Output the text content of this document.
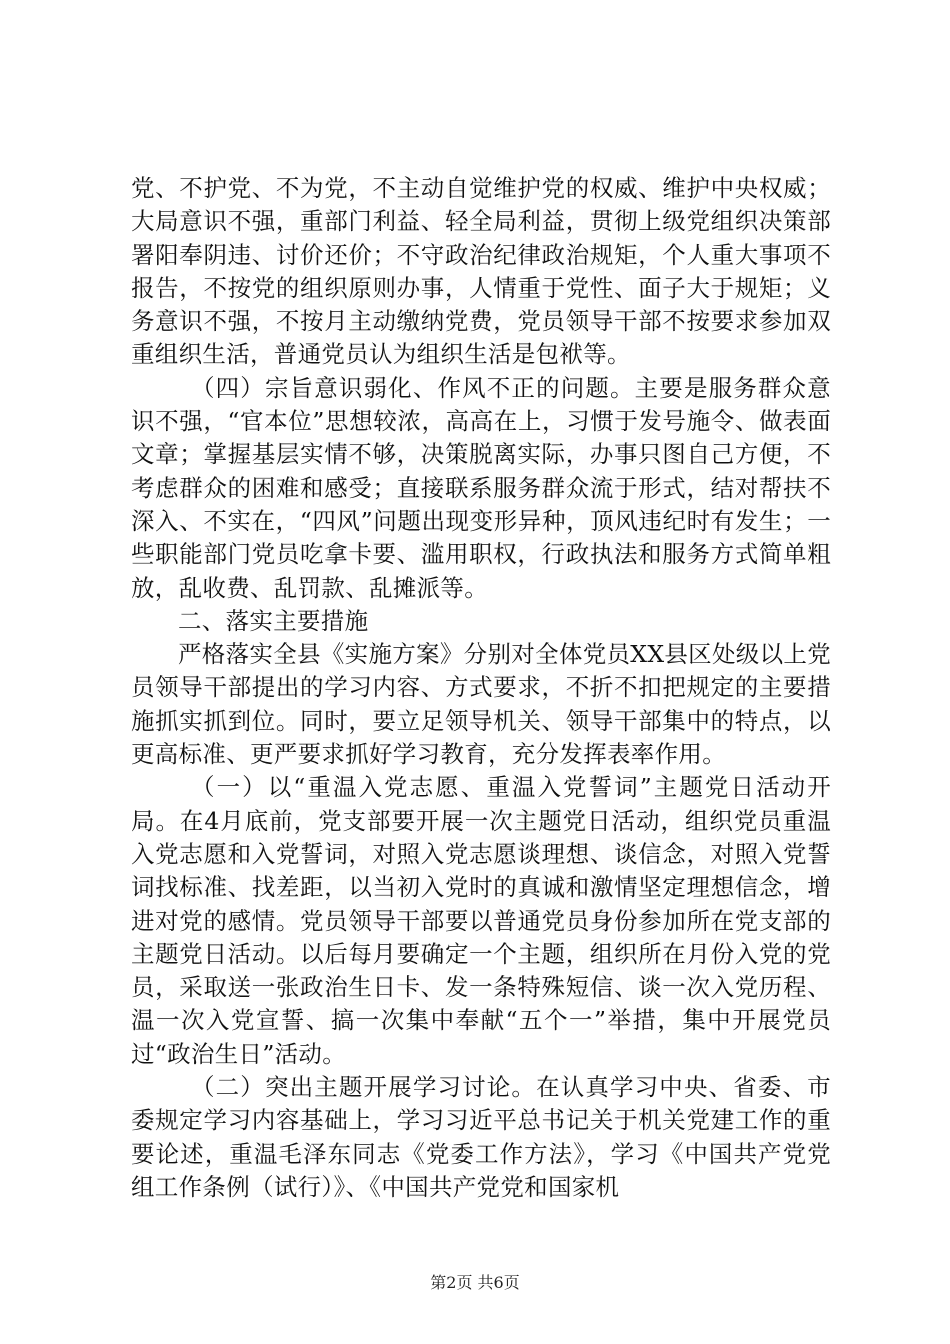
党、不护党、不为党，不主动自觉维护党的权威、维护中央权威；大局意识不强，重部门利益、轻全局利益，贯彻上级党组织决策部署阳奉阴违、讨价还价；不守政治纪律政治规矩，个人重大事项不报告，不按党的组织原则办事，人情重于党性、面子大于规矩；义务意识不强，不按月主动缴纳党费，党员领导干部不按要求参加双重组织生活，普通党员认为组织生活是包袱等。

（四）宗旨意识弱化、作风不正的问题。主要是服务群众意识不强，“官本位”思想较浓，高高在上，习惯于发号施令、做表面文章；掌握基层实情不够，决策脱离实际，办事只图自己方便，不考虑群众的困难和感受；直接联系服务群众流于形式，结对帮扶不深入、不实在，“四风”问题出现变形异种，顶风违纪时有发生；一些职能部门党员吃拿卡要、滥用职权，行政执法和服务方式简单粗放，乱收费、乱罚款、乱摊派等。

二、落实主要措施

严格落实全县《实施方案》分别对全体党员XX县区处级以上党员领导干部提出的学习内容、方式要求，不折不扣把规定的主要措施抓实抓到位。同时，要立足领导机关、领导干部集中的特点，以更高标准、更严要求抓好学习教育，充分发挥表率作用。

（一）以“重温入党志愿、重温入党誓词”主题党日活动开局。在4月底前，党支部要开展一次主题党日活动，组织党员重温入党志愿和入党誓词，对照入党志愿谈理想、谈信念，对照入党誓词找标准、找差距，以当初入党时的真诚和激情坚定理想信念，增进对党的感情。党员领导干部要以普通党员身份参加所在党支部的主题党日活动。以后每月要确定一个主题，组织所在月份入党的党员，采取送一张政治生日卡、发一条特殊短信、谈一次入党历程、温一次入党宣誓、搞一次集中奉献“五个一”举措，集中开展党员过“政治生日”活动。

（二）突出主题开展学习讨论。在认真学习中央、省委、市委规定学习内容基础上，学习习近平总书记关于机关党建工作的重要论述，重温毛泽东同志《党委工作方法》，学习《中国共产党党组工作条例（试行）》、《中国共产党党和国家机

第2页 共6页
